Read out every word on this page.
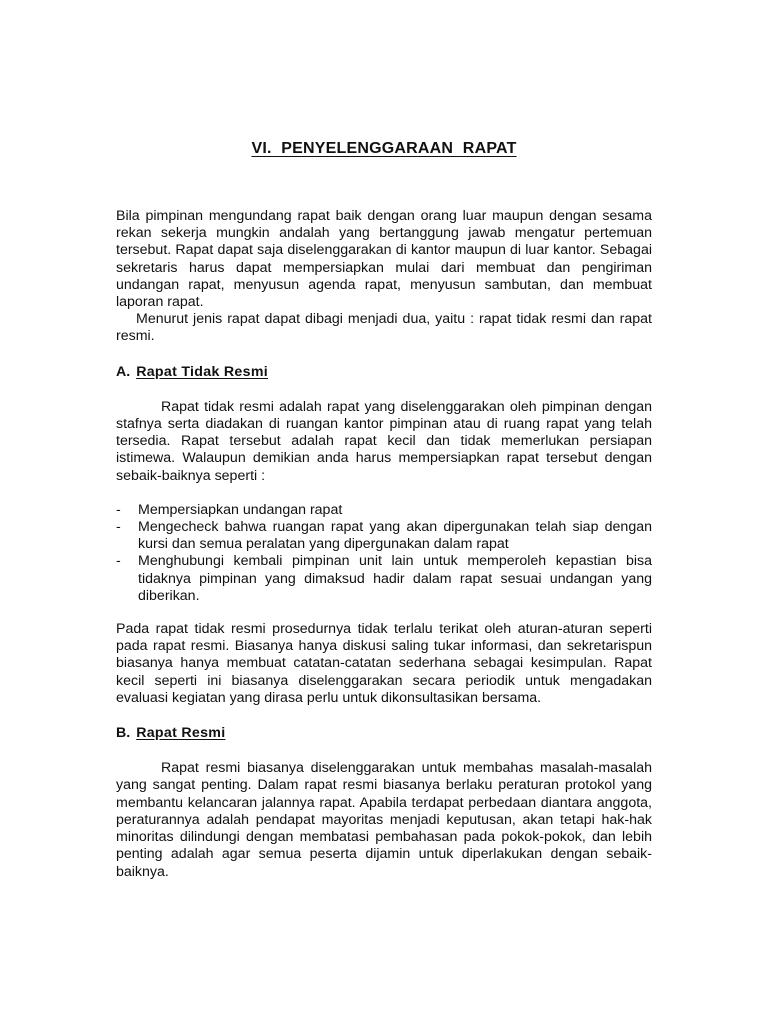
VI. PENYELENGGARAAN RAPAT

Bila pimpinan mengundang rapat baik dengan orang luar maupun dengan sesama rekan sekerja mungkin andalah yang bertanggung jawab mengatur pertemuan tersebut. Rapat dapat saja diselenggarakan di kantor maupun di luar kantor. Sebagai sekretaris harus dapat mempersiapkan mulai dari membuat dan pengiriman undangan rapat, menyusun agenda rapat, menyusun sambutan, dan membuat laporan rapat.

Menurut jenis rapat dapat dibagi menjadi dua, yaitu : rapat tidak resmi dan rapat resmi.

A. Rapat Tidak Resmi

Rapat tidak resmi adalah rapat yang diselenggarakan oleh pimpinan dengan stafnya serta diadakan di ruangan kantor pimpinan atau di ruang rapat yang telah tersedia. Rapat tersebut adalah rapat kecil dan tidak memerlukan persiapan istimewa. Walaupun demikian anda harus mempersiapkan rapat tersebut dengan sebaik-baiknya seperti :

- Mempersiapkan undangan rapat
- Mengecheck bahwa ruangan rapat yang akan dipergunakan telah siap dengan kursi dan semua peralatan yang dipergunakan dalam rapat
- Menghubungi kembali pimpinan unit lain untuk memperoleh kepastian bisa tidaknya pimpinan yang dimaksud hadir dalam rapat sesuai undangan yang diberikan.

Pada rapat tidak resmi prosedurnya tidak terlalu terikat oleh aturan-aturan seperti pada rapat resmi. Biasanya hanya diskusi saling tukar informasi, dan sekretarispun biasanya hanya membuat catatan-catatan sederhana sebagai kesimpulan. Rapat kecil seperti ini biasanya diselenggarakan secara periodik untuk mengadakan evaluasi kegiatan yang dirasa perlu untuk dikonsultasikan bersama.

B. Rapat Resmi

Rapat resmi biasanya diselenggarakan untuk membahas masalah-masalah yang sangat penting. Dalam rapat resmi biasanya berlaku peraturan protokol yang membantu kelancaran jalannya rapat. Apabila terdapat perbedaan diantara anggota, peraturannya adalah pendapat mayoritas menjadi keputusan, akan tetapi hak-hak minoritas dilindungi dengan membatasi pembahasan pada pokok-pokok, dan lebih penting adalah agar semua peserta dijamin untuk diperlakukan dengan sebaik-baiknya.
